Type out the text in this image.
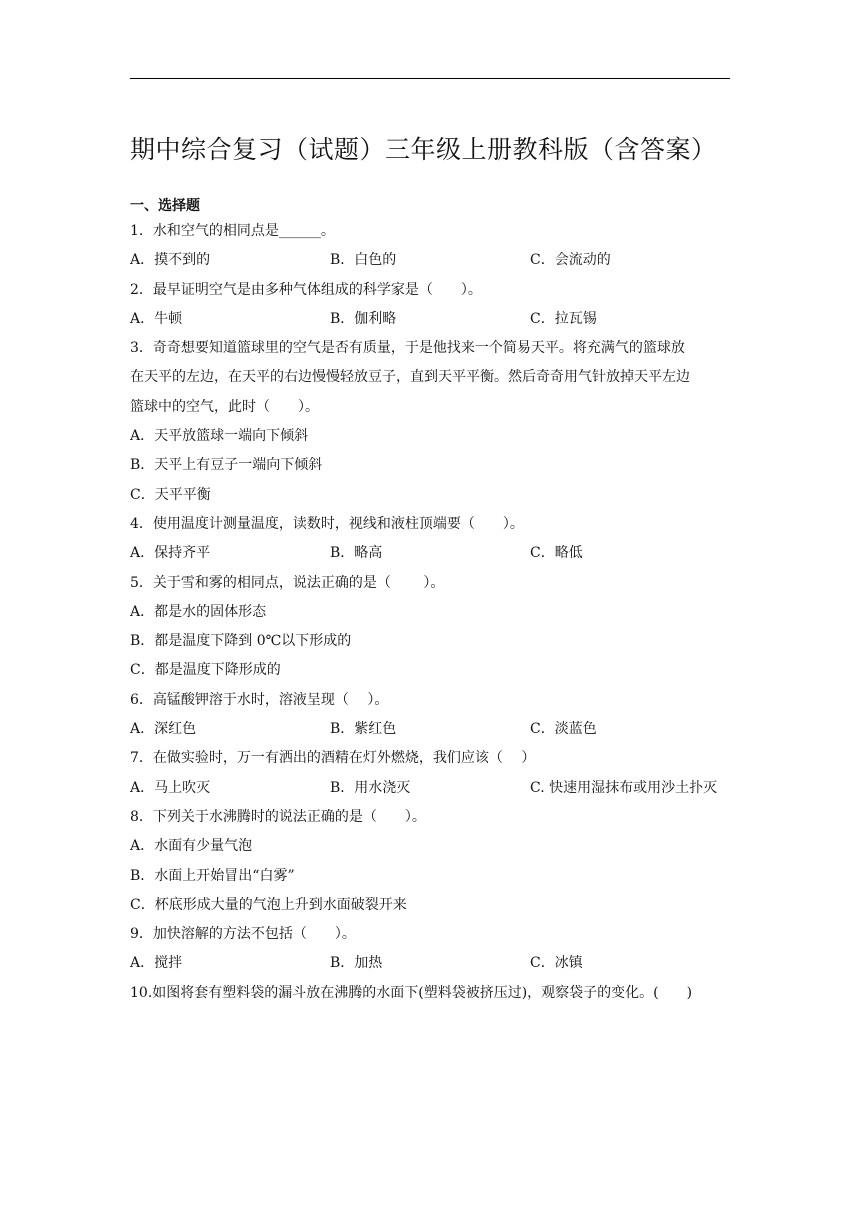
期中综合复习（试题）三年级上册教科版（含答案）
一、选择题
1．水和空气的相同点是______。
A．摸不到的	B．白色的	C．会流动的
2．最早证明空气是由多种气体组成的科学家是（　　）。
A．牛顿	B．伽利略	C．拉瓦锡
3．奇奇想要知道篮球里的空气是否有质量，于是他找来一个简易天平。将充满气的篮球放
在天平的左边，在天平的右边慢慢轻放豆子，直到天平平衡。然后奇奇用气针放掉天平左边
篮球中的空气，此时（　　）。
A．天平放篮球一端向下倾斜
B．天平上有豆子一端向下倾斜
C．天平平衡
4．使用温度计测量温度，读数时，视线和液柱顶端要（　　）。
A．保持齐平	B．略高	C．略低
5．关于雪和雾的相同点，说法正确的是（　　 ）。
A．都是水的固体形态
B．都是温度下降到 0℃以下形成的
C．都是温度下降形成的
6．高锰酸钾溶于水时，溶液呈现（　 ）。
A．深红色	B．紫红色	C．淡蓝色
7．在做实验时，万一有洒出的酒精在灯外燃烧，我们应该（　 ）
A．马上吹灭	B．用水浇灭	C. 快速用湿抹布或用沙土扑灭
8．下列关于水沸腾时的说法正确的是（　　）。
A．水面有少量气泡
B．水面上开始冒出“白雾”
C．杯底形成大量的气泡上升到水面破裂开来
9．加快溶解的方法不包括（　　）。
A．搅拌	B．加热	C．冰镇
10.如图将套有塑料袋的漏斗放在沸腾的水面下(塑料袋被挤压过)，观察袋子的变化。(　　)
